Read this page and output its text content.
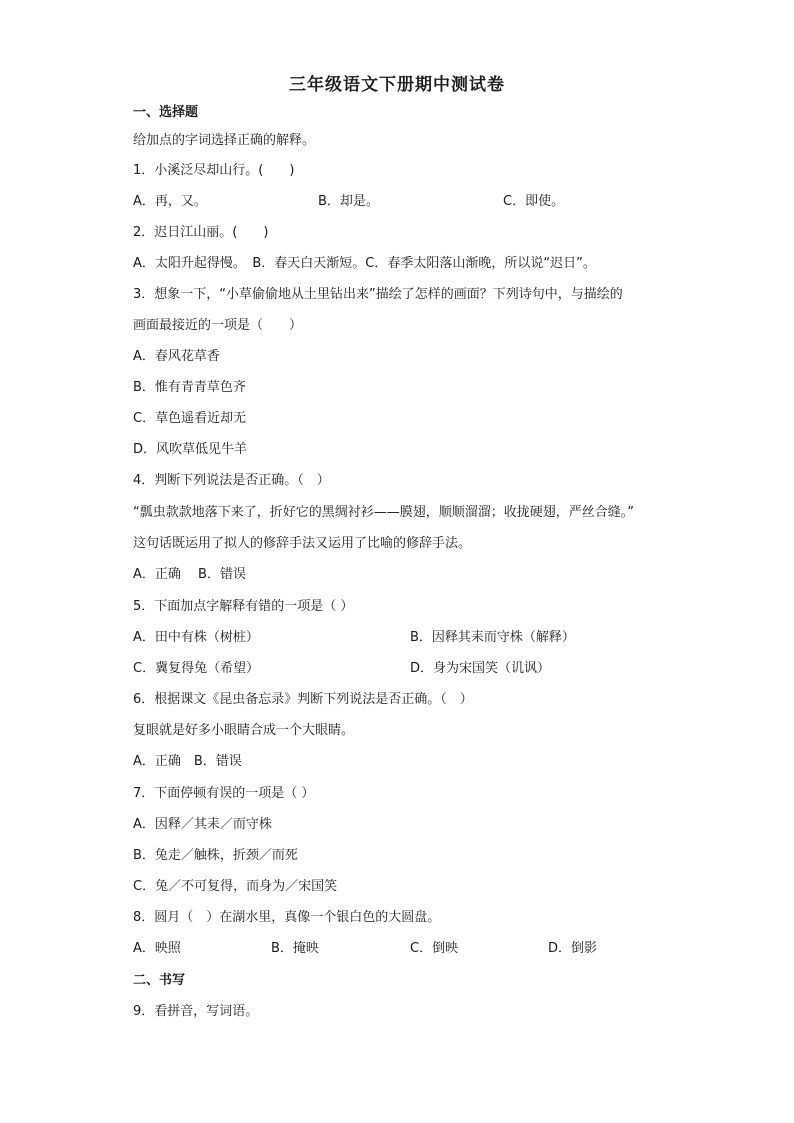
三年级语文下册期中测试卷
一、选择题
给加点的字词选择正确的解释。
1．小溪泛尽却山行。(　　)
A．再，又。	B．却是。	C．即使。
2．迟日江山丽。(　　)
A．太阳升起得慢。　B．春天白天渐短。C．春季太阳落山渐晚，所以说“迟日”。
3．想象一下，“小草偷偷地从土里钻出来”描绘了怎样的画面？下列诗句中，与描绘的
画面最接近的一项是（　　）
A．春风花草香
B．惟有青青草色齐
C．草色遥看近却无
D．风吹草低见牛羊
4．判断下列说法是否正确。（　）
“瓢虫款款地落下来了，折好它的黑绸衬衫——膜翅，顺顺溜溜；收拢硬翅，严丝合缝。”
这句话既运用了拟人的修辞手法又运用了比喻的修辞手法。
A．正确　 B．错误
5．下面加点字解释有错的一项是（ ）
A．田中有株（树桩）	B．因释其耒而守株（解释）
C．冀复得兔（希望）	D．身为宋国笑（讥讽）
6．根据课文《昆虫备忘录》判断下列说法是否正确。（　）
复眼就是好多小眼睛合成一个大眼睛。
A．正确　B．错误
7．下面停顿有误的一项是（ ）
A．因释／其耒／而守株
B．兔走／触株，折颈／而死
C．兔／不可复得，而身为／宋国笑
8．圆月（　）在湖水里，真像一个银白色的大圆盘。
A．映照	B．掩映	C．倒映	D．倒影
二、书写
9．看拼音，写词语。
